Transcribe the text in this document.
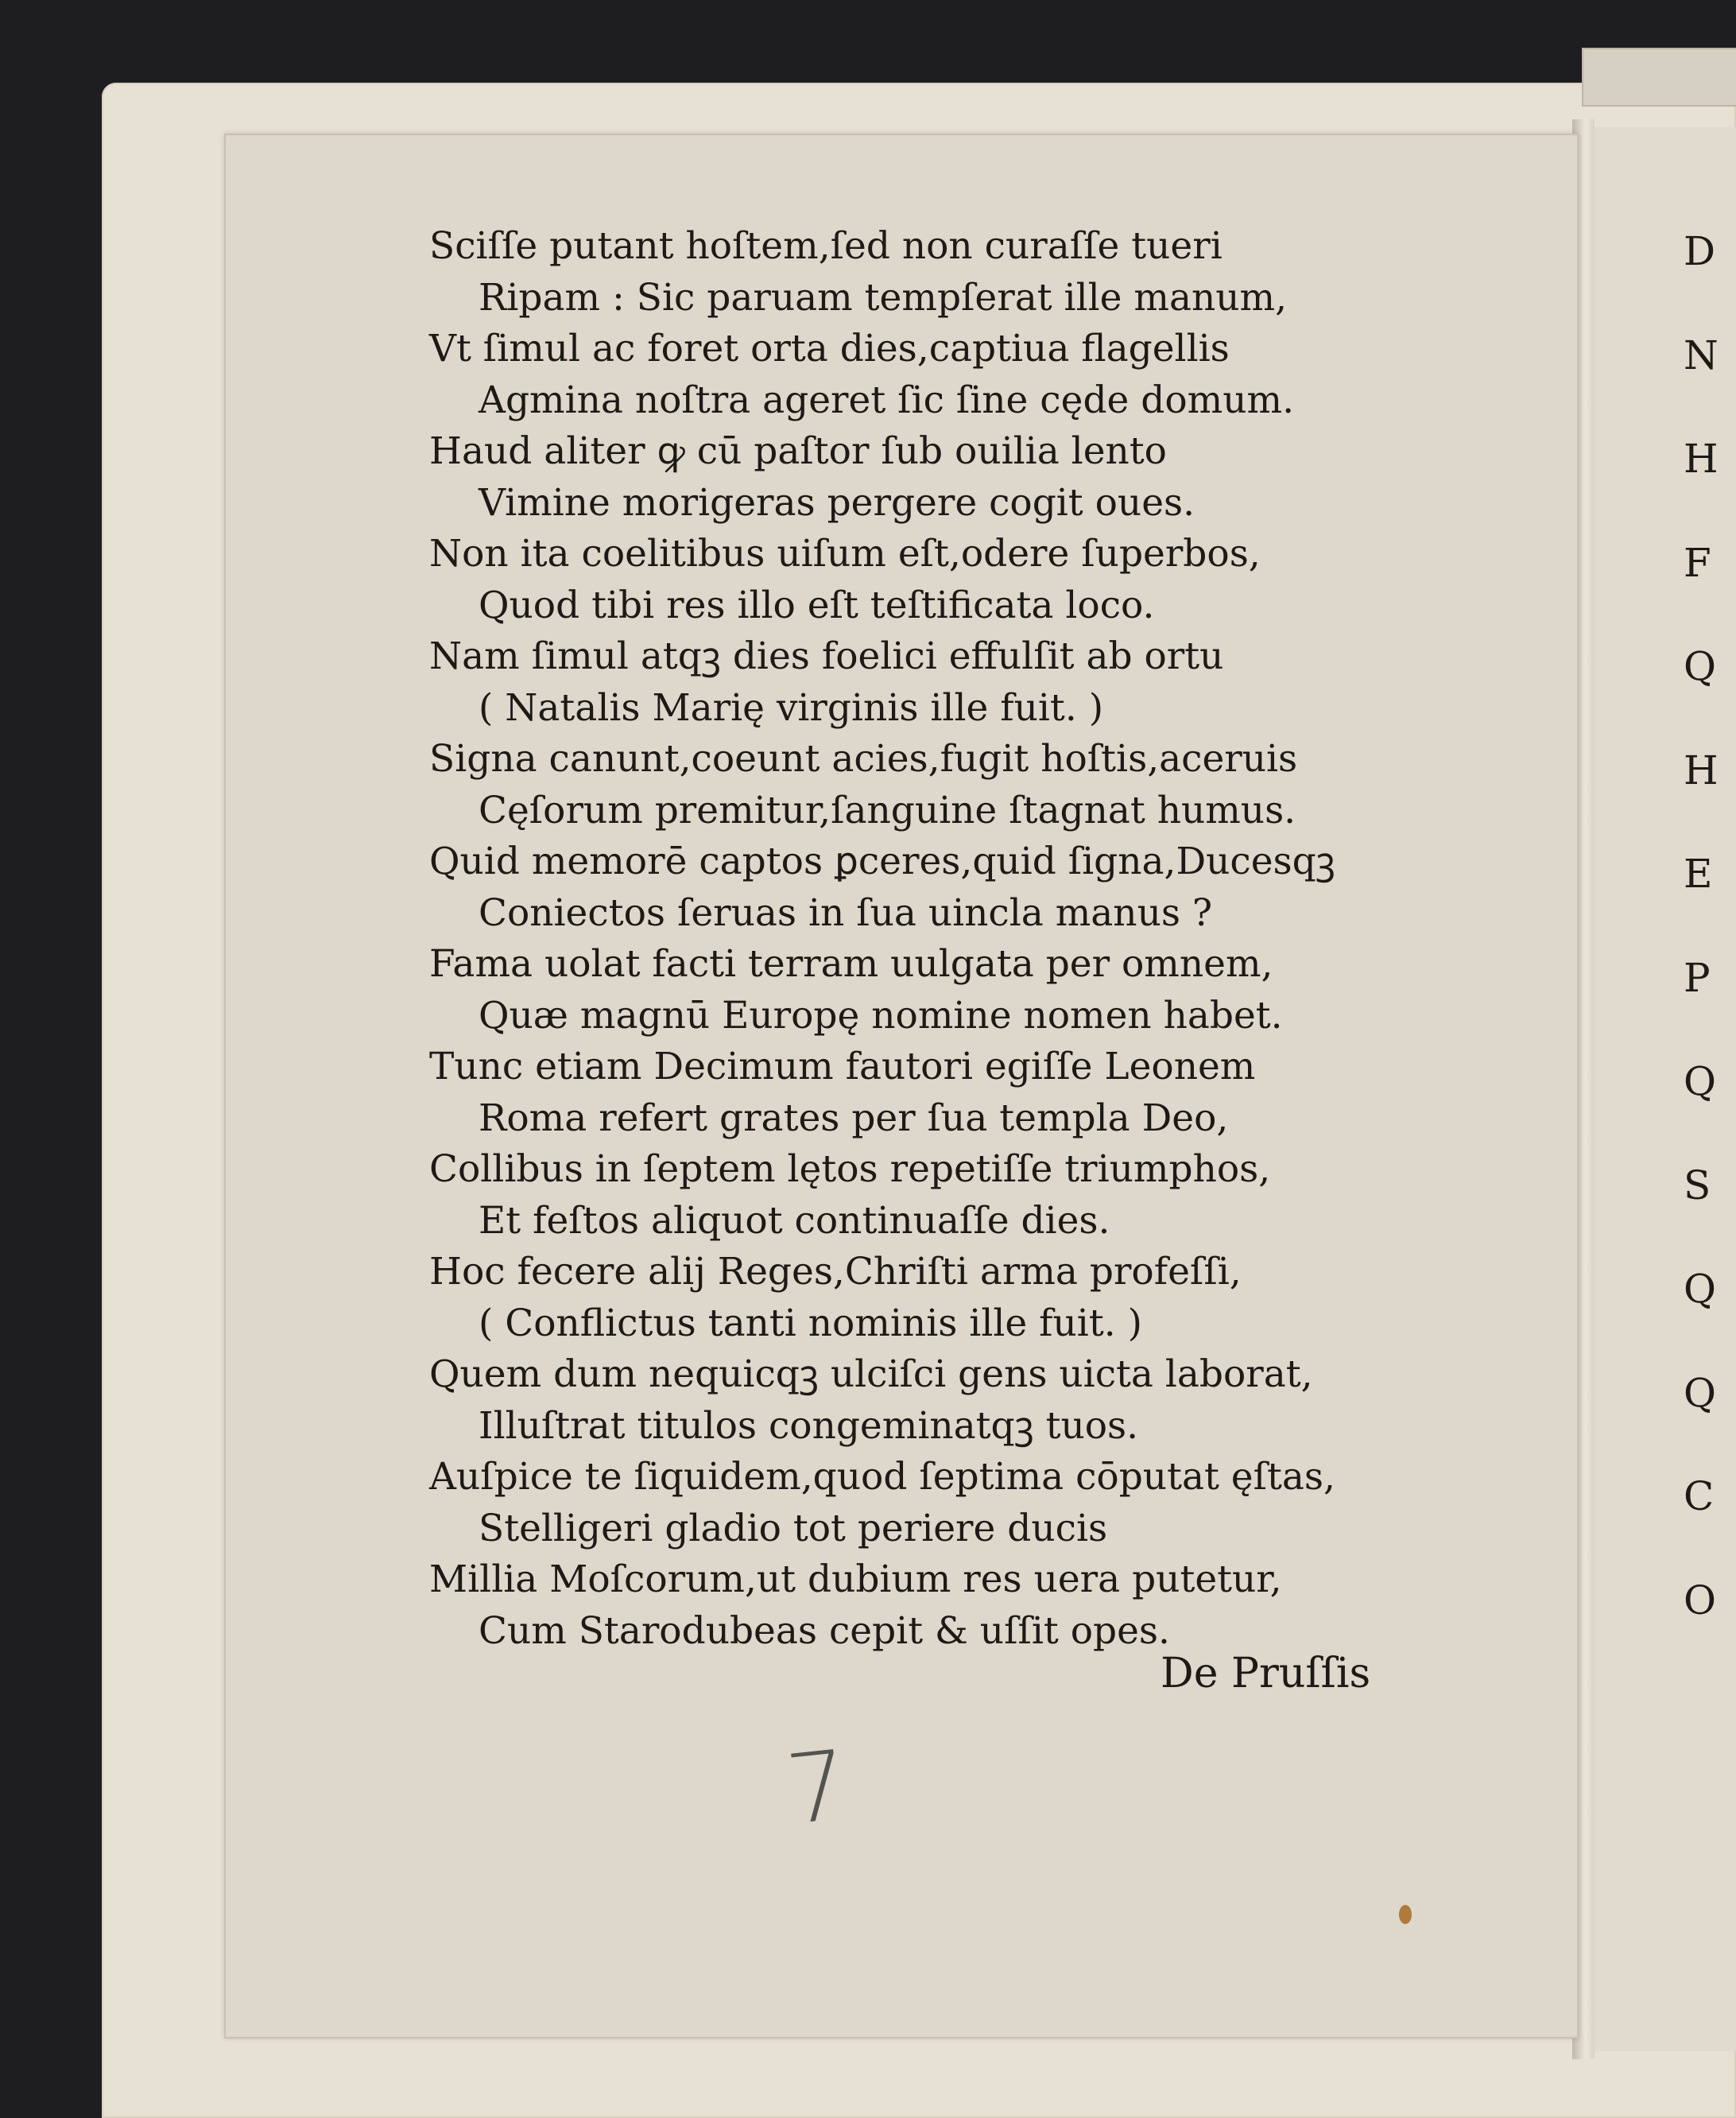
Sciſſe putant hoſtem,ſed non curaſſe tueri
Ripam : Sic paruam tempſerat ille manum,
Vt ſimul ac foret orta dies,captiua flagellis
Agmina noſtra ageret ſic ſine cęde domum.
Haud aliter ꝙ cū paſtor ſub ouilia lento
Vimine morigeras pergere cogit oues.
Non ita coelitibus uiſum eſt,odere ſuperbos,
Quod tibi res illo eſt teſtificata loco.
Nam ſimul atqꝫ dies foelici effulſit ab ortu
( Natalis Marię virginis ille fuit. )
Signa canunt,coeunt acies,fugit hoſtis,aceruis
Cęſorum premitur,ſanguine ſtagnat humus.
Quid memorē captos ꝑceres,quid ſigna,Ducesqꝫ
Coniectos ſeruas in ſua uincla manus ?
Fama uolat facti terram uulgata per omnem,
Quæ magnū Europę nomine nomen habet.
Tunc etiam Decimum fautori egiſſe Leonem
Roma refert grates per ſua templa Deo,
Collibus in ſeptem lętos repetiſſe triumphos,
Et feſtos aliquot continuaſſe dies.
Hoc fecere alij Reges,Chriſti arma profeſſi,
( Conflictus tanti nominis ille fuit. )
Quem dum nequicqꝫ ulciſci gens uicta laborat,
Illuſtrat titulos congeminatqꝫ tuos.
Auſpice te ſiquidem,quod ſeptima cōputat ęſtas,
Stelligeri gladio tot periere ducis
Millia Moſcorum,ut dubium res uera putetur,
Cum Starodubeas cepit & uſſit opes.
De Pruſſis
7
D
N
H
F
Q
H
E
P
Q
S
Q
Q
C
O
